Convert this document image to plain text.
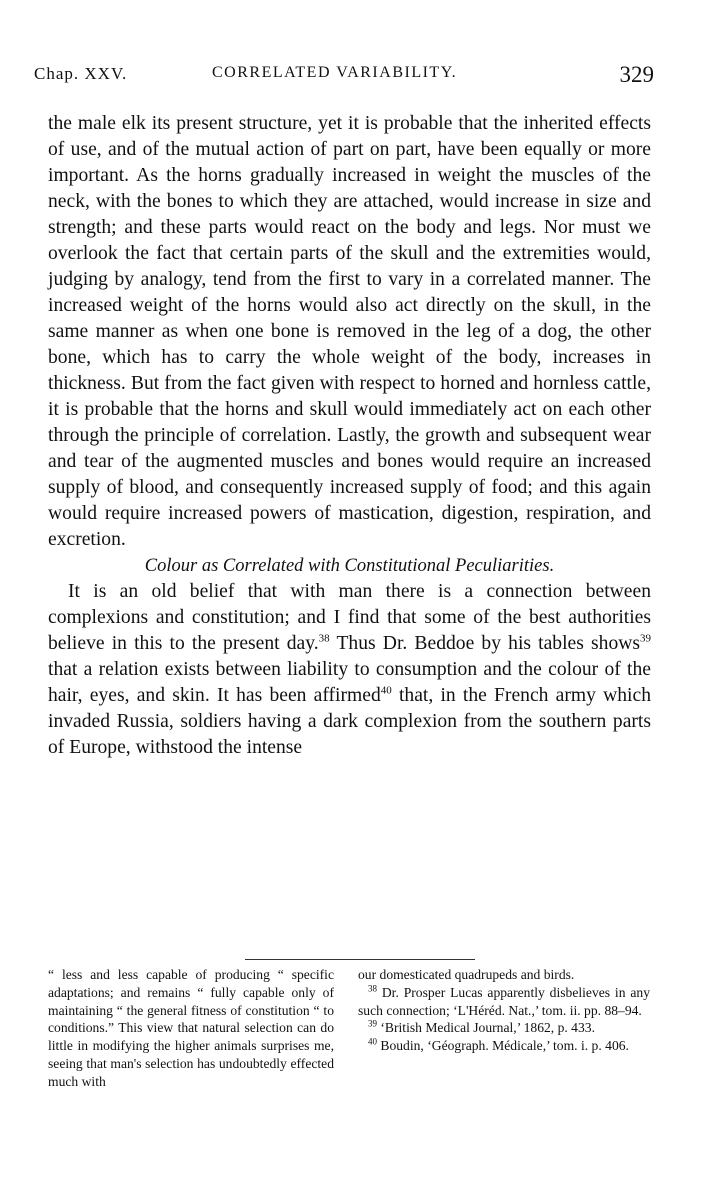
Chap. XXV.	CORRELATED VARIABILITY.	329

the male elk its present structure, yet it is probable that the inherited effects of use, and of the mutual action of part on part, have been equally or more important. As the horns gradually increased in weight the muscles of the neck, with the bones to which they are attached, would increase in size and strength; and these parts would react on the body and legs. Nor must we overlook the fact that certain parts of the skull and the extremities would, judging by analogy, tend from the first to vary in a correlated manner. The increased weight of the horns would also act directly on the skull, in the same manner as when one bone is removed in the leg of a dog, the other bone, which has to carry the whole weight of the body, increases in thickness. But from the fact given with respect to horned and hornless cattle, it is probable that the horns and skull would immediately act on each other through the principle of correlation. Lastly, the growth and subsequent wear and tear of the augmented muscles and bones would require an increased supply of blood, and consequently increased supply of food; and this again would require increased powers of mastication, digestion, respiration, and excretion.

Colour as Correlated with Constitutional Peculiarities.

It is an old belief that with man there is a connection between complexions and constitution; and I find that some of the best authorities believe in this to the present day.$^{38}$ Thus Dr. Beddoe by his tables shows$^{39}$ that a relation exists between liability to consumption and the colour of the hair, eyes, and skin. It has been affirmed$^{40}$ that, in the French army which invaded Russia, soldiers having a dark complexion from the southern parts of Europe, withstood the intense

“ less and less capable of producing “ specific adaptations; and remains “ fully capable only of maintaining “ the general fitness of constitution “ to conditions.” This view that natural selection can do little in modifying the higher animals surprises me, seeing that man's selection has undoubtedly effected much with

our domesticated quadrupeds and birds.

$^{38}$ Dr. Prosper Lucas apparently disbelieves in any such connection; ‘L'Héréd. Nat.,’ tom. ii. pp. 88–94.

$^{39}$ ‘British Medical Journal,’ 1862, p. 433.

$^{40}$ Boudin, ‘Géograph. Médicale,’ tom. i. p. 406.
